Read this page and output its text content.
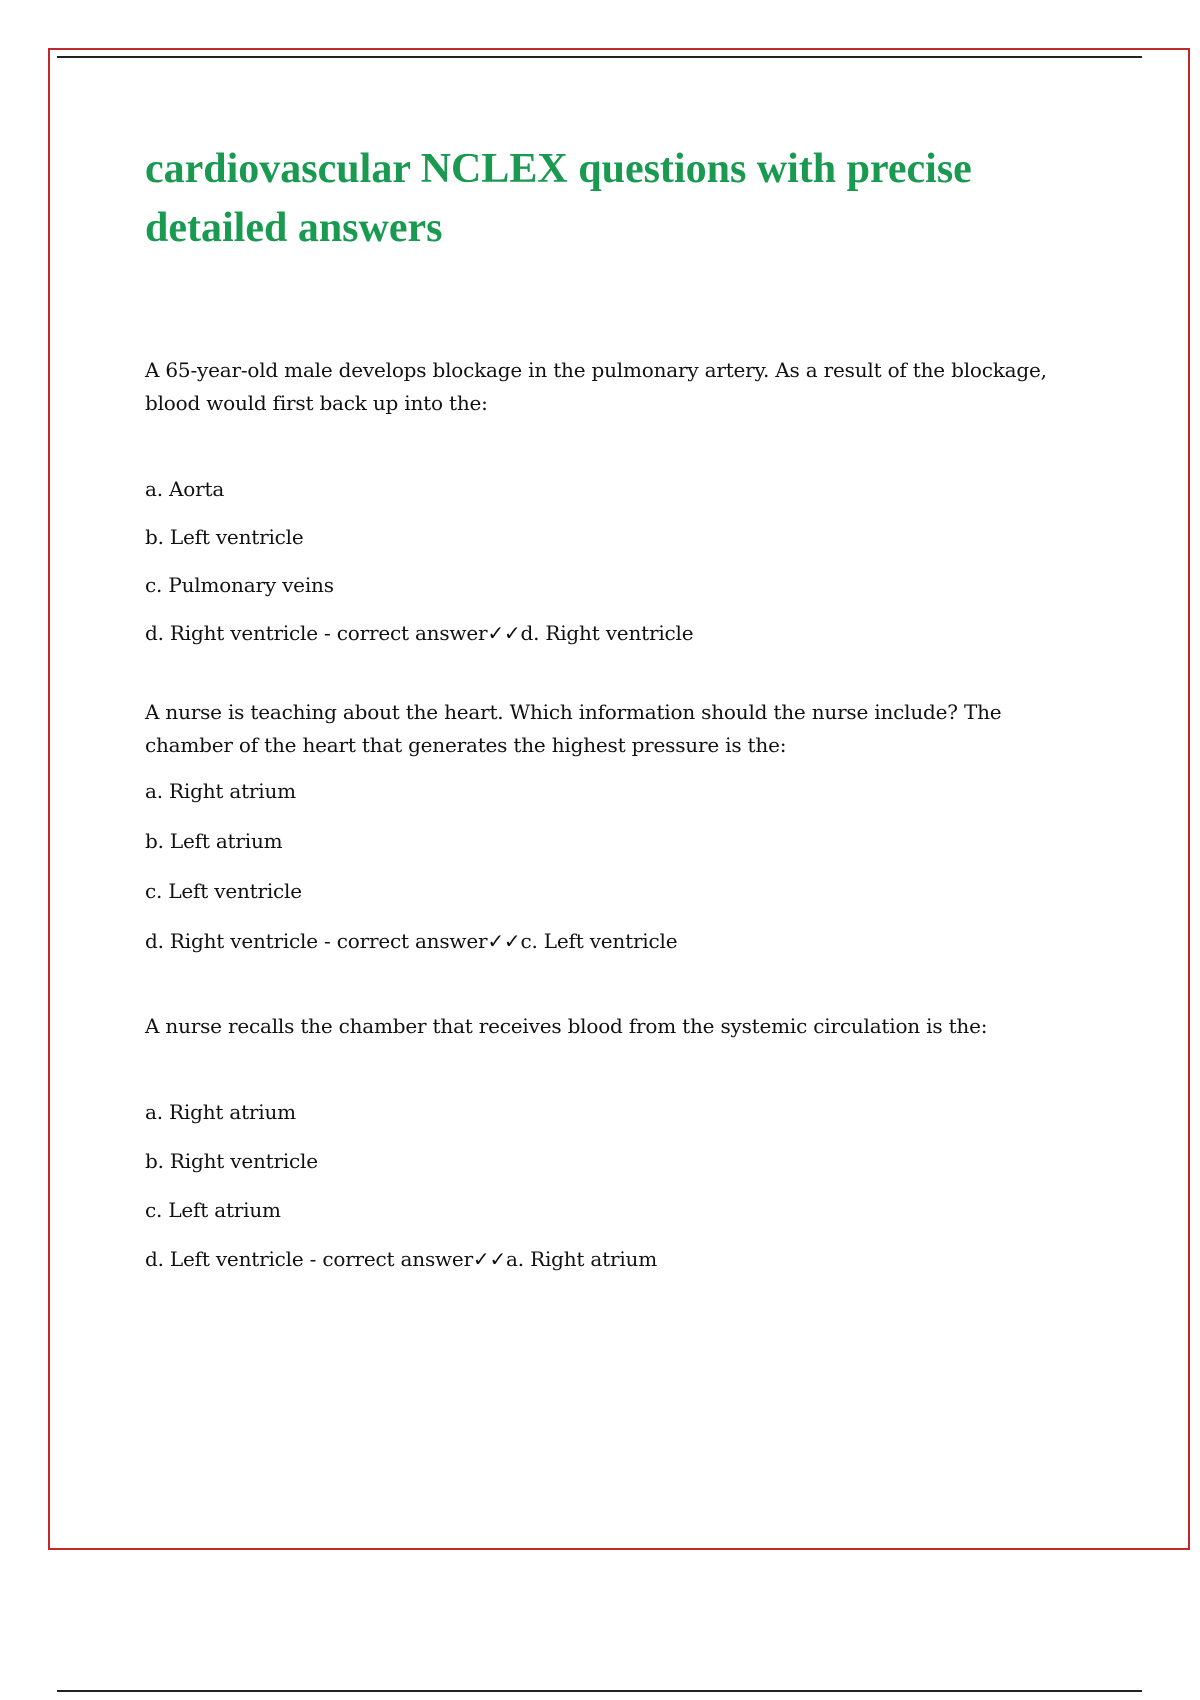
cardiovascular NCLEX questions with precise detailed answers

A 65-year-old male develops blockage in the pulmonary artery. As a result of the blockage, blood would first back up into the:

a. Aorta

b. Left ventricle

c. Pulmonary veins

d. Right ventricle - correct answer✓✓d. Right ventricle

A nurse is teaching about the heart. Which information should the nurse include? The chamber of the heart that generates the highest pressure is the:

a. Right atrium

b. Left atrium

c. Left ventricle

d. Right ventricle - correct answer✓✓c. Left ventricle

A nurse recalls the chamber that receives blood from the systemic circulation is the:

a. Right atrium

b. Right ventricle

c. Left atrium

d. Left ventricle - correct answer✓✓a. Right atrium
